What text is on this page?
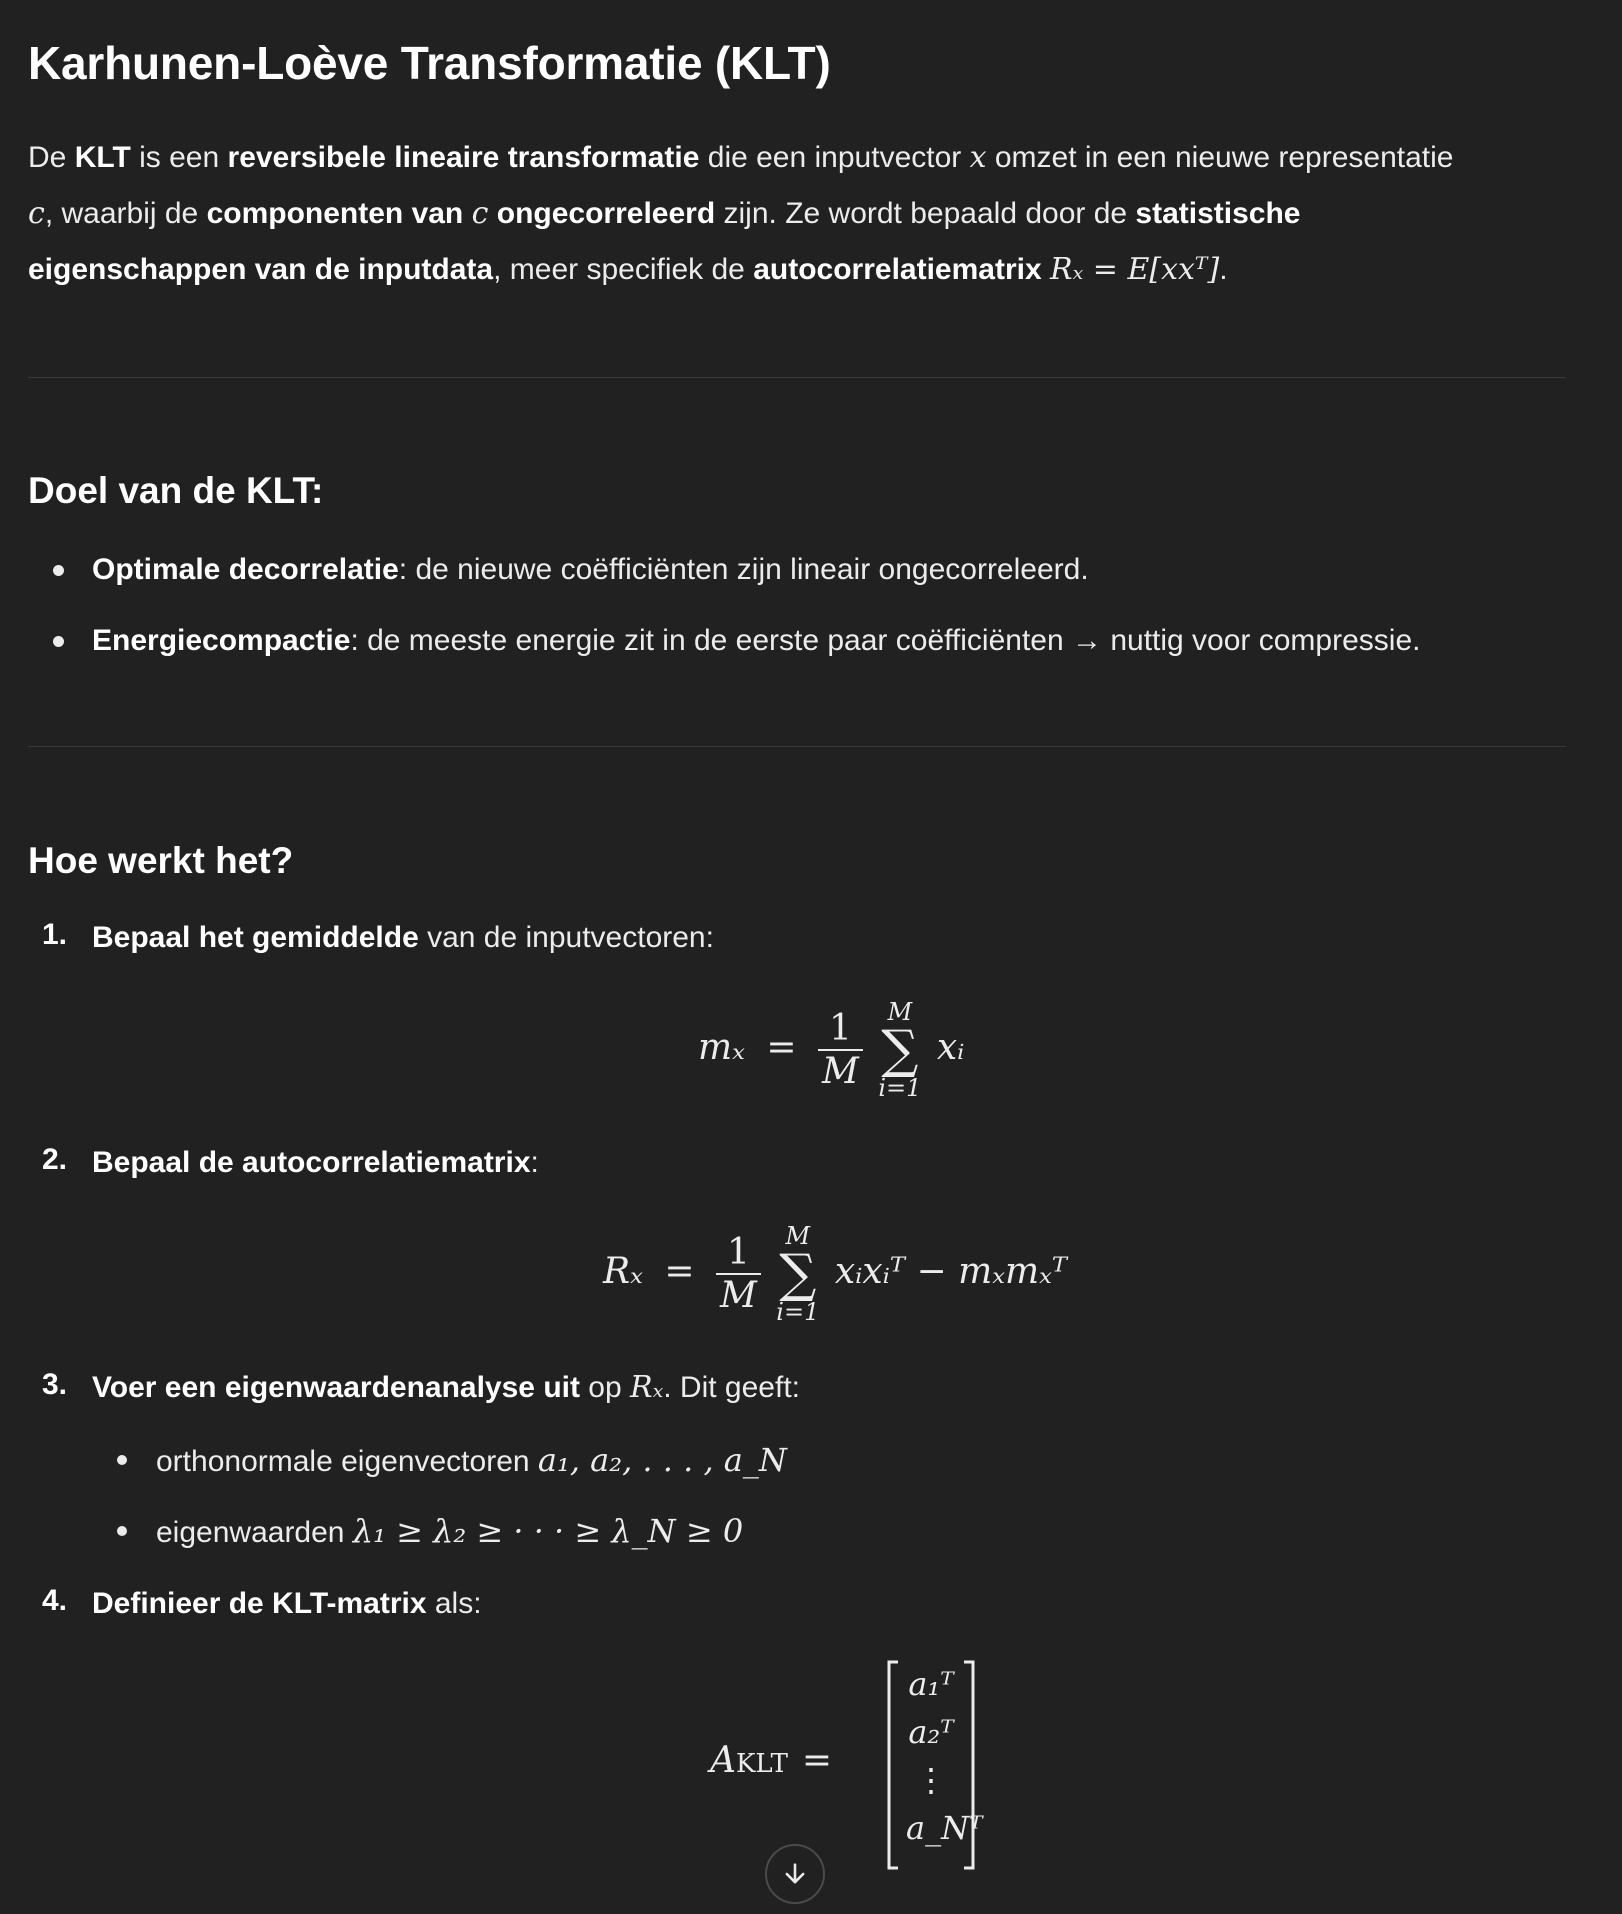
Karhunen-Loève Transformatie (KLT)

De KLT is een reversibele lineaire transformatie die een inputvector x omzet in een nieuwe representatie
c, waarbij de componenten van c ongecorreleerd zijn. Ze wordt bepaald door de statistische
eigenschappen van de inputdata, meer specifiek de autocorrelatiematrix Rₓ = E[xxᵀ].

Doel van de KLT:
Optimale decorrelatie: de nieuwe coëfficiënten zijn lineair ongecorreleerd.
Energiecompactie: de meeste energie zit in de eerste paar coëfficiënten → nuttig voor compressie.
Hoe werkt het?
1. Bepaal het gemiddelde van de inputvectoren:
$m_x = \frac{1}{M}$
	M
∑
i=1
xᵢ
2. Bepaal de autocorrelatiematrix:
$R_x = \frac{1}{M}$
	M
∑
i=1
xᵢxᵢᵀ − mₓmₓᵀ
3. Voer een eigenwaardenanalyse uit op Rₓ. Dit geeft:
orthonormale eigenvectoren a₁, a₂, . . . , a_N
eigenwaarden λ₁ ≥ λ₂ ≥ · · · ≥ λ_N ≥ 0
4. Definieer de KLT-matrix als:
AKLT =
a₁ᵀ
a₂ᵀ
⋮
a_Nᵀ
